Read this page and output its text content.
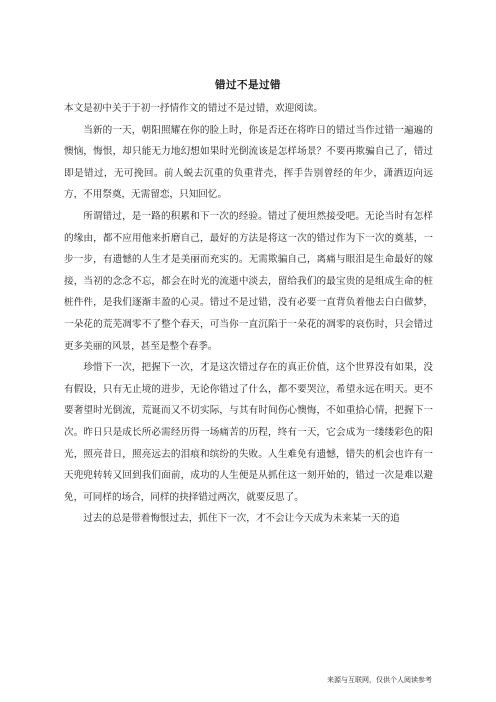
错过不是过错

本文是初中关于于初一抒情作文的错过不是过错，欢迎阅读。

当新的一天，朝阳照耀在你的脸上时，你是否还在将昨日的错过当作过错一遍遍的懊恼，悔恨，却只能无力地幻想如果时光倒流该是怎样场景？不要再欺骗自己了，错过即是错过，无可挽回。前人蜕去沉重的负重背壳，挥手告别曾经的年少，潇洒迈向远方，不用祭奠，无需留恋，只知回忆。

所谓错过，是一路的积累和下一次的经验。错过了便坦然接受吧。无论当时有怎样的缘由，都不应用他来折磨自己，最好的方法是将这一次的错过作为下一次的奠基，一步一步，有遗憾的人生才是美丽而充实的。无需欺骗自己，离痛与眼泪是生命最好的嫁接，当初的念念不忘，都会在时光的流逝中淡去，留给我们的最宝贵的是组成生命的桩桩件件，是我们逐渐丰盈的心灵。错过不是过错，没有必要一直背负着他去白白做梦，一朵花的荒芜凋零不了整个春天，可当你一直沉陷于一朵花的凋零的哀伤时，只会错过更多美丽的风景，甚至是整个春季。

珍惜下一次，把握下一次，才是这次错过存在的真正价值，这个世界没有如果，没有假设，只有无止境的进步，无论你错过了什么，都不要哭泣，希望永远在明天。更不要奢望时光倒流，荒诞而又不切实际，与其有时间伤心懊悔，不如重拾心情，把握下一次。昨日只是成长所必需经历得一场痛苦的历程，终有一天，它会成为一缕缕彩色的阳光，照亮昔日，照亮远去的泪痕和缤纷的失败。人生难免有遗憾，错失的机会也许有一天兜兜转转又回到我们面前，成功的人生便是从抓住这一刻开始的，错过一次是难以避免，可同样的场合，同样的抉择错过两次，就要反思了。

过去的总是带着悔恨过去，抓住下一次，才不会让今天成为未来某一天的追

来源与互联网，仅供个人阅读参考
